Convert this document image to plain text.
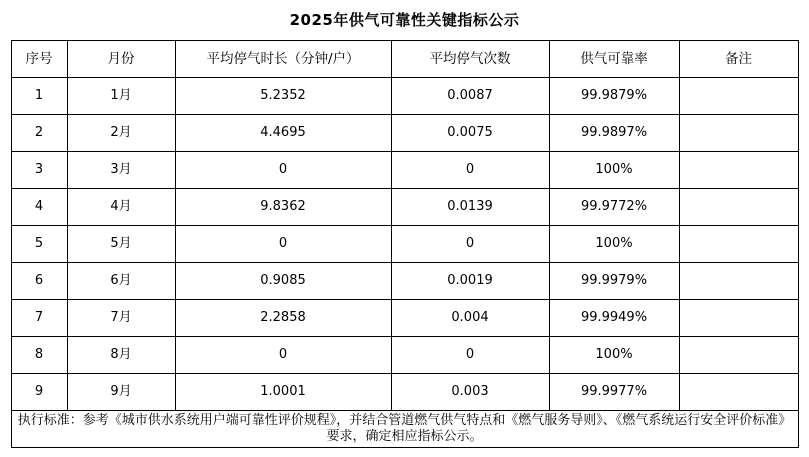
2025年供气可靠性关键指标公示
序号	月份	平均停气时长（分钟/户）	平均停气次数	供气可靠率	备注
1	1月	5.2352	0.0087	99.9879%	
2	2月	4.4695	0.0075	99.9897%	
3	3月	0	0	100%	
4	4月	9.8362	0.0139	99.9772%	
5	5月	0	0	100%	
6	6月	0.9085	0.0019	99.9979%	
7	7月	2.2858	0.004	99.9949%	
8	8月	0	0	100%	
9	9月	1.0001	0.003	99.9977%	

执行标准：参考《城市供水系统用户端可靠性评价规程》，并结合管道燃气供气特点和《燃气服务导则》、《燃气系统运行安全评价标准》要求，确定相应指标公示。					
